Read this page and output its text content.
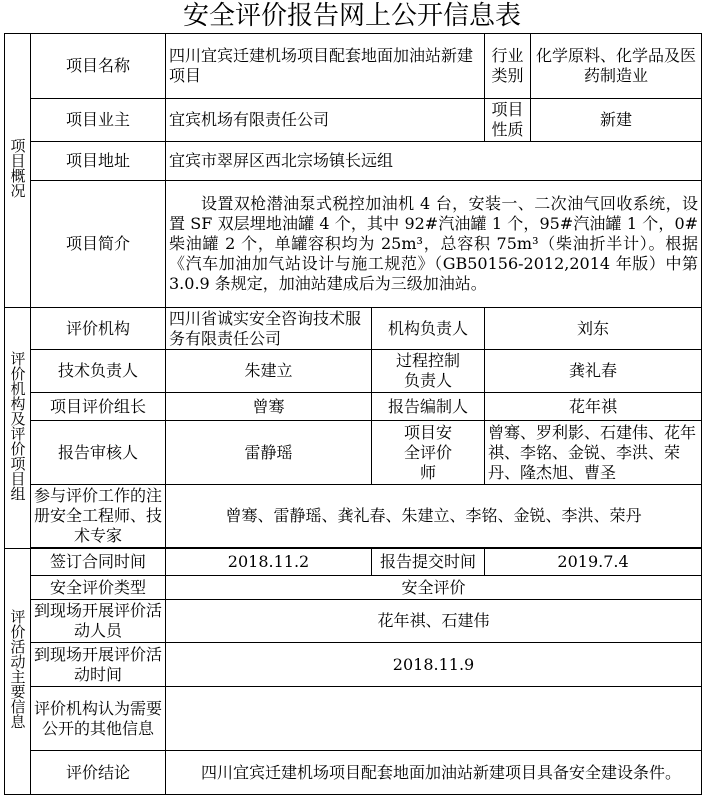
安全评价报告网上公开信息表
项目概况	项目名称	四川宜宾迁建机场项目配套地面加油站新建项目		行业类别	化学原料、化学品及医药制造业
	项目业主	宜宾机场有限责任公司		项目性质	新建
	项目地址	宜宾市翠屏区西北宗场镇长远组			
	项目简介	设置双枪潜油泵式税控加油机 4 台，安装一、二次油气回收系统，设置 SF 双层埋地油罐 4 个，其中 92#汽油罐 1 个，95#汽油罐 1 个，0#柴油罐 2 个，单罐容积均为 25m³，总容积 75m³（柴油折半计）。根据《汽车加油加气站设计与施工规范》（GB50156-2012,2014 年版）中第 3.0.9 条规定，加油站建成后为三级加油站。			
评价机构及评价项目组	评价机构	四川省诚实安全咨询技术服务有限责任公司	机构负责人	刘东	
	技术负责人	朱建立	过程控制负责人	龚礼春	
	项目评价组长	曾骞	报告编制人	花年祺	
	报告审核人	雷静瑶	项目安全评价师	曾骞、罗利影、石建伟、花年祺、李铭、金锐、李洪、荣丹、隆杰旭、曹圣	
	参与评价工作的注册安全工程师、技术专家	曾骞、雷静瑶、龚礼春、朱建立、李铭、金锐、李洪、荣丹			

评价活动主要信息	签订合同时间	2018.11.2	报告提交时间	2019.7.4	
	安全评价类型	安全评价			
	到现场开展评价活动人员	花年祺、石建伟			
	到现场开展评价活动时间	2018.11.9			
	评价机构认为需要公开的其他信息				
	评价结论	四川宜宾迁建机场项目配套地面加油站新建项目具备安全建设条件。			
